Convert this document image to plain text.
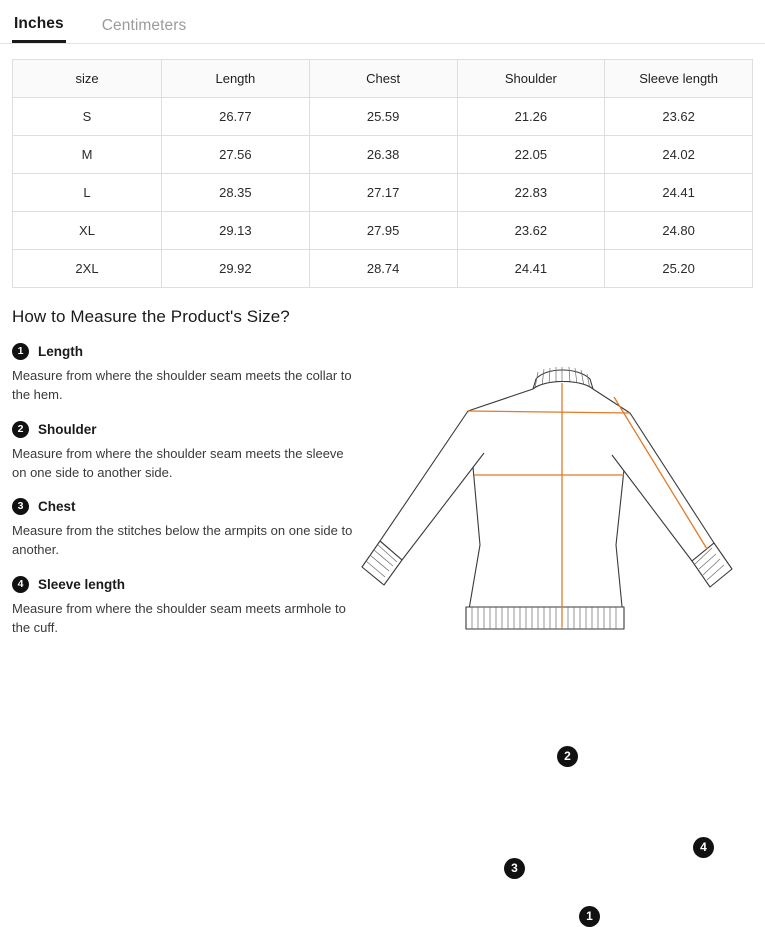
Inches Centimeters
size	Length	Chest	Shoulder	Sleeve length
S	26.77	25.59	21.26	23.62
M	27.56	26.38	22.05	24.02
L	28.35	27.17	22.83	24.41
XL	29.13	27.95	23.62	24.80
2XL	29.92	28.74	24.41	25.20
How to Measure the Product's Size?
1	Length

Measure from where the shoulder seam meets the collar to the hem.

2	Shoulder

Measure from where the shoulder seam meets the sleeve on one side to another side.

3	Chest

Measure from the stitches below the armpits on one side to another.

4	Sleeve length

Measure from where the shoulder seam meets armhole to the cuff.

1
2
3
4
